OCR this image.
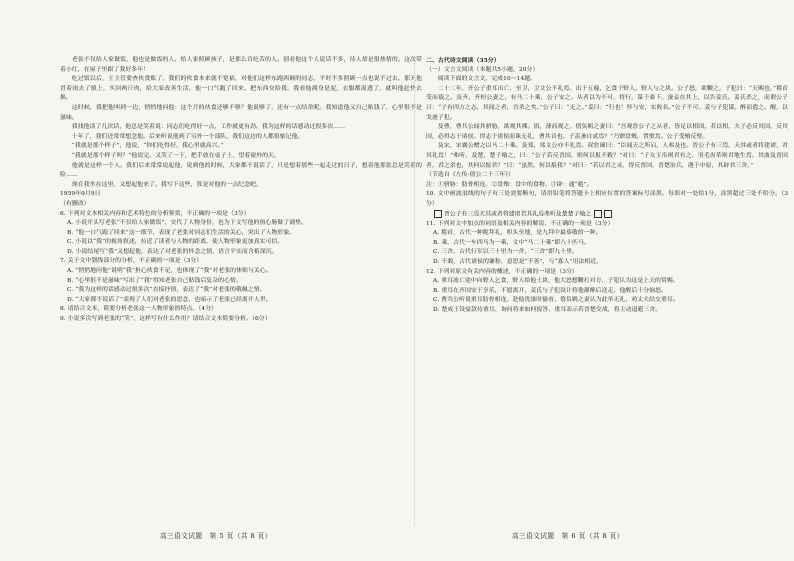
老张不仅给人家做饭，他也是做饭的人，给人家照顾孩子，是那么肯吃苦的人。别看他这个人说话不多，待人却是很热情的。这次带着小红，在屋子里跟了我好多年！

吃过饭以后，王主管要查伙食账了。我们的伙食本来就不宽裕，对他们这样东跑西颠的同志，平时不多照顾一点也说不过去。那天他冒着雨去了镇上，买回两斤肉，给大家改善生活。他一口气跑了回来，把东西交给我，我看他满身是泥，衣服都湿透了，就叫他赶快去换。

这时候，我把他叫到一边，悄悄地问他：这个月的伙食还够不够？他说够了，还有一点结余呢。我知道他又自己贴钱了，心里很不是滋味。

我找他谈了几次话，他总是笑着说：同志们吃得好一点，工作就更有劲。我为这样的话感动过很多次……

十年了，我们还常常想念他。后来听说他到了另外一个部队，我们这边的人都很惦记他。

“我就是那个样子”，他说，“你们吃得好，我心里就高兴。”

“我就是那个样子吗？”他说完，又笑了一下，把手放在桌子上，望着窗外的天。

他就是这样一个人。我们后来常常说起他，说到他的时候，大家都不说话了，只是想着那些一起走过的日子，想着他那张总是笑着的脸……

现在我坐在这里，又想起他来了。我写下这些，算是对他的一点纪念吧。

1959年9月9日

（有删改）

6. 下列对文本相关内容和艺术特色的分析鉴赏，不正确的一项是（3分）

A. 小说开头写老张“不仅给人家做饭”，交代了人物身份，也为下文写他的热心肠做了铺垫。

B. “他一口气跑了回来”这一细节，表现了老张对同志们生活的关心，突出了人物形象。

C. 小说以“我”的视角叙述，拉近了读者与人物的距离，使人物形象更加真实可信。

D. 小说结尾写“我”又想起他，表达了对老张的怀念之情，语言平实而含蓄深沉。

7. 关于文中划线部分的分析，不正确的一项是（3分）

A. “悄悄地问他”说明“我”担心伙食不足，也体现了“我”对老张的体贴与关心。

B. “心里很不是滋味”写出了“我”得知老张自己贴钱后复杂的心情。

C. “我为这样的话感动过很多次”直接抒情，表达了“我”对老张的敬佩之情。

D. “大家都不说话了”表现了人们对老张的思念，也暗示了老张已经离开人世。

8. 请结合文本，简要分析老张这一人物形象的特点。（4分）

9. 小说多次写到老张的“笑”，这样写有什么作用？请结合文本简要分析。（6分）

二、古代诗文阅读（35分）

（一）文言文阅读（本题共5小题，20分）

阅读下面的文言文，完成10～14题。

二十二年，齐公子重耳出亡，至卫，卫文公不礼焉。出于五鹿，乞食于野人，野人与之块。公子怒，欲鞭之。子犯曰：“天赐也。”稽首受而载之。及齐，齐桓公妻之，有马二十乘，公子安之。从者以为不可，将行，谋于桑下。蚕妾在其上，以告姜氏。姜氏杀之，而谓公子曰：“子有四方之志，其闻之者，吾杀之矣。”公子曰：“无之。”姜曰：“行也！怀与安，实败名。”公子不可。姜与子犯谋，醉而遣之。醒，以戈逐子犯。

及曹，曹共公闻其骈胁，欲观其裸。浴，薄而观之。僖负羁之妻曰：“吾观晋公子之从者，皆足以相国。若以相，夫子必反其国。反其国，必得志于诸侯。得志于诸侯而诛无礼，曹其首也。子盍蚤自贰焉？”乃馈盘飧，置璧焉。公子受飧反璧。

及宋，宋襄公赠之以马二十乘。及郑，郑文公亦不礼焉。叔詹谏曰：“臣闻天之所启，人弗及也。晋公子有三焉，天其或者将建诸，君其礼焉！”弗听。及楚，楚子飨之，曰：“公子若反晋国，则何以报不穀？”对曰：“子女玉帛则君有之，羽毛齿革则君地生焉。其波及晋国者，君之余也，其何以报君？”曰：“虽然，何以报我？”对曰：“若以君之灵，得反晋国，晋楚治兵，遇于中原，其辟君三舍。”

（节选自《左传·僖公二十三年》）

注：①骈胁：肋骨相连。②盘飧：盘中的食物。③辟：通“避”。

10. 文中画波浪线的句子有三处需要断句，请用铅笔将答题卡上相应位置的答案标号涂黑。每填对一处给1分，涂黑超过三处不给分。（3分）

晋公子有三焉天其或者将建诸君其礼焉弗听及楚楚子飨之

11. 下列对文中加点的词语及相关内容的解说，不正确的一项是（3分）

A. 稽首，古代一种跪拜礼，叩头至地，是九拜中最恭敬的一种。

B. 乘，古代一车四马为一乘，文中“马二十乘”即八十匹马。

C. 三舍，古代行军以三十里为一舍，“三舍”即九十里。

D. 不穀，古代诸侯的谦称，意思是“不善”，与“寡人”用法相近。

12. 下列对原文有关内容的概述，不正确的一项是（3分）

A. 重耳流亡途中向野人乞食，野人给他土块，他大怒想鞭打对方，子犯认为这是上天的赏赐。

B. 重耳在齐国安于享乐，不愿离开，姜氏与子犯设计将他灌醉后送走，他醒后十分恼怒。

C. 曹共公听说重耳肋骨相连，趁他洗澡时偷看，僖负羁之妻认为此举无礼，劝丈夫结交重耳。

D. 楚成王设宴款待重耳，询问将来如何报答，重耳表示若晋楚交战，将主动退避三舍。

高三语文试题　第 5 页（共 8 页）	高三语文试题　第 6 页（共 8 页）
